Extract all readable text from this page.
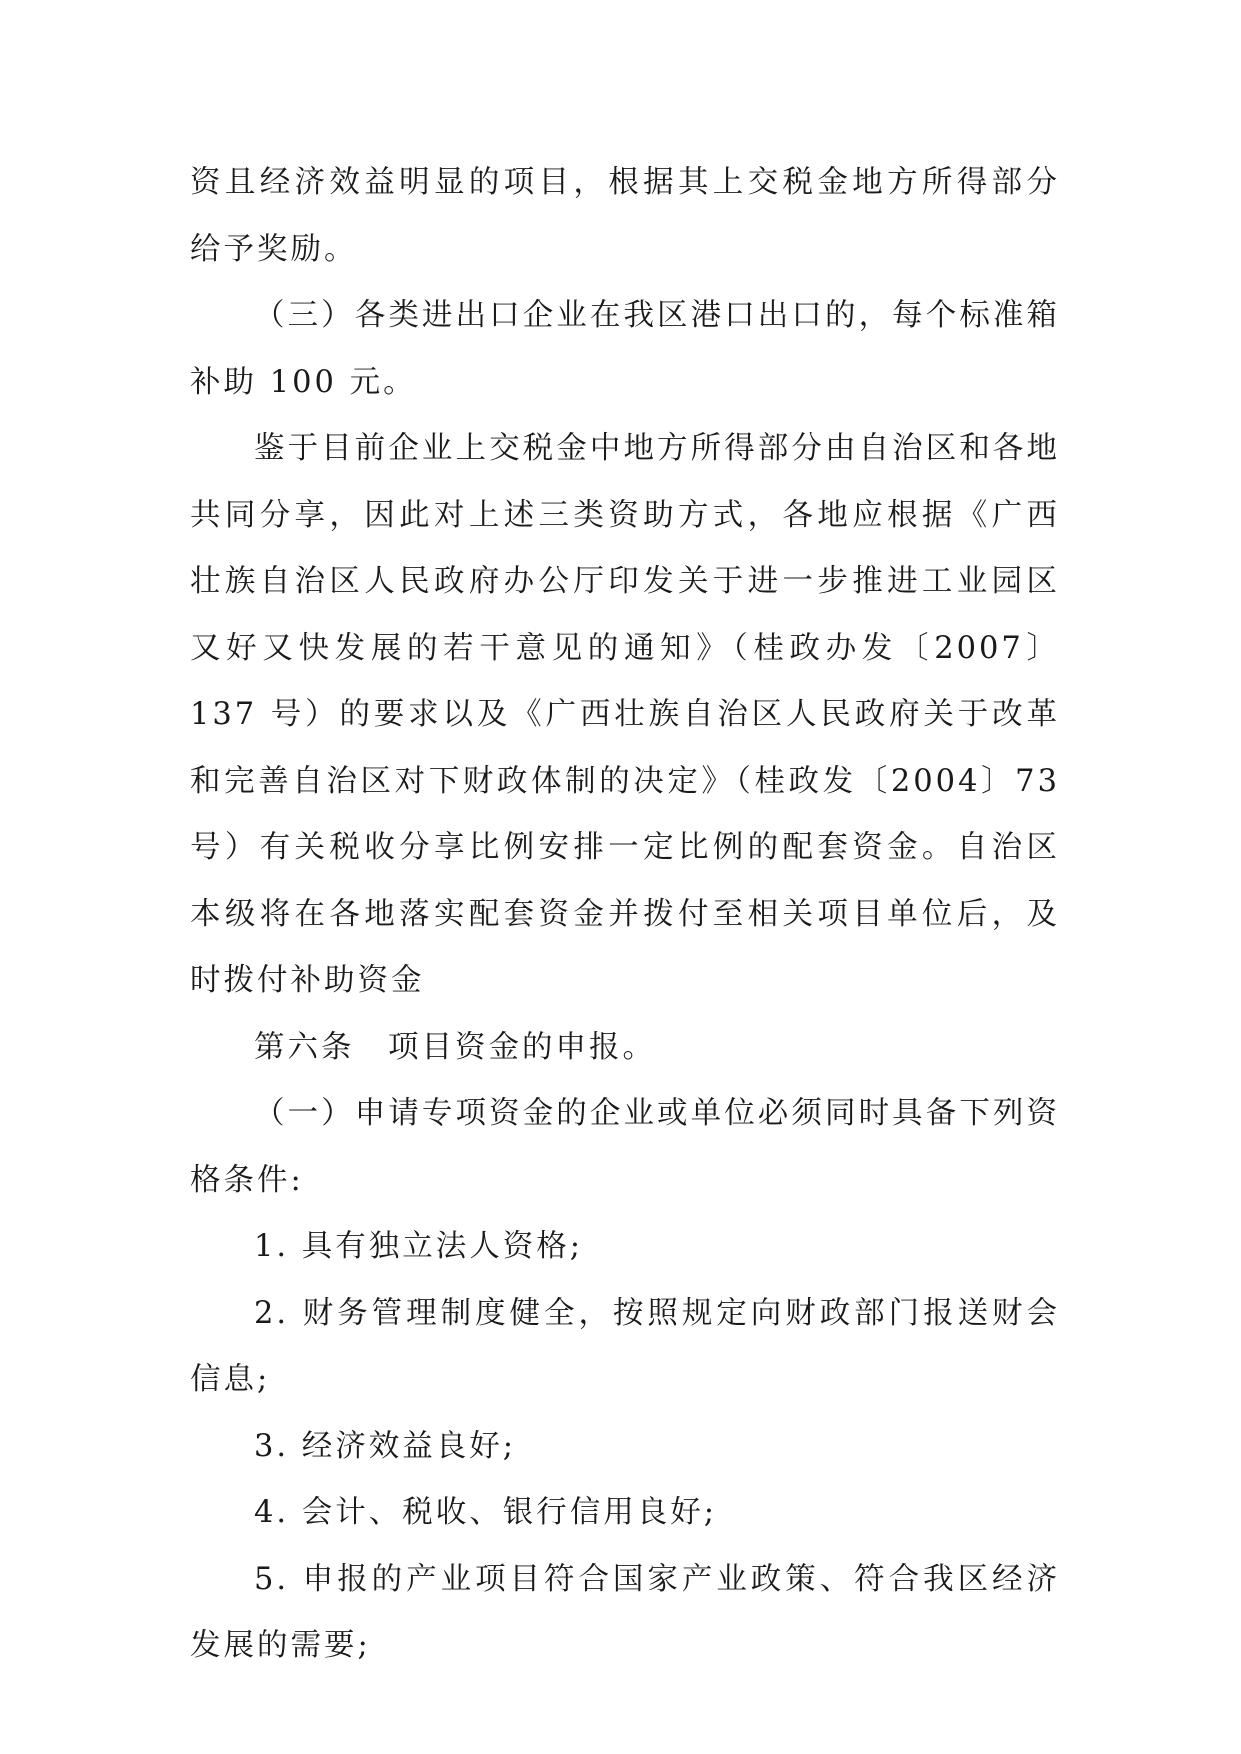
资且经济效益明显的项目，根据其上交税金地方所得部分给予奖励。

（三）各类进出口企业在我区港口出口的，每个标准箱补助 100 元。

鉴于目前企业上交税金中地方所得部分由自治区和各地共同分享，因此对上述三类资助方式，各地应根据《广西壮族自治区人民政府办公厅印发关于进一步推进工业园区又好又快发展的若干意见的通知》（桂政办发〔2007〕137 号）的要求以及《广西壮族自治区人民政府关于改革和完善自治区对下财政体制的决定》（桂政发〔2004〕73 号）有关税收分享比例安排一定比例的配套资金。自治区本级将在各地落实配套资金并拨付至相关项目单位后，及时拨付补助资金

第六条　项目资金的申报。

（一）申请专项资金的企业或单位必须同时具备下列资格条件:

1. 具有独立法人资格;

2. 财务管理制度健全，按照规定向财政部门报送财会信息;

3. 经济效益良好;

4. 会计、税收、银行信用良好;

5. 申报的产业项目符合国家产业政策、符合我区经济发展的需要;
